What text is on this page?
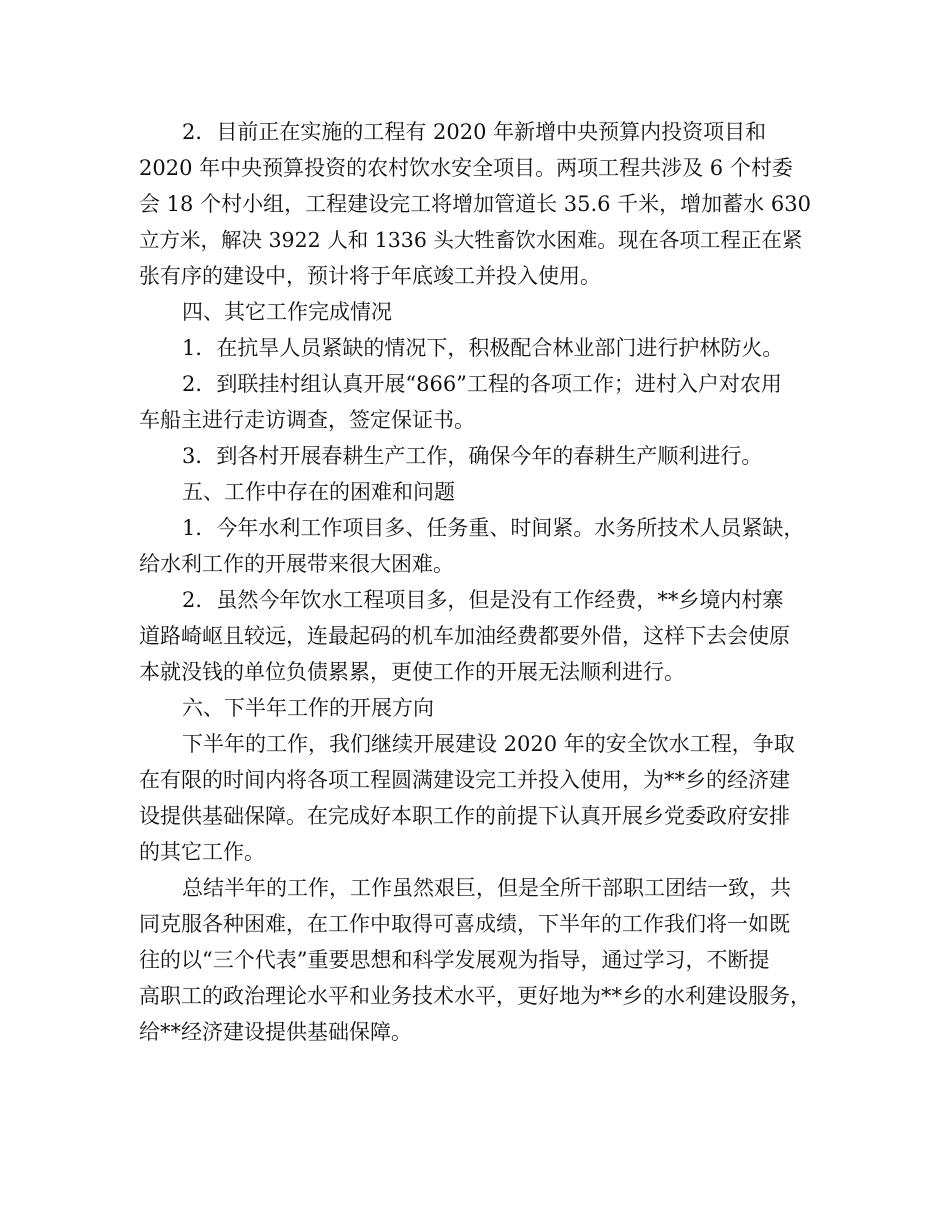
2．目前正在实施的工程有 2020 年新增中央预算内投资项目和
2020 年中央预算投资的农村饮水安全项目。两项工程共涉及 6 个村委
会 18 个村小组，工程建设完工将增加管道长 35.6 千米，增加蓄水 630
立方米，解决 3922 人和 1336 头大牲畜饮水困难。现在各项工程正在紧
张有序的建设中，预计将于年底竣工并投入使用。
四、其它工作完成情况
1．在抗旱人员紧缺的情况下，积极配合林业部门进行护林防火。
2．到联挂村组认真开展“866”工程的各项工作；进村入户对农用
车船主进行走访调查，签定保证书。
3．到各村开展春耕生产工作，确保今年的春耕生产顺利进行。
五、工作中存在的困难和问题
1．今年水利工作项目多、任务重、时间紧。水务所技术人员紧缺，
给水利工作的开展带来很大困难。
2．虽然今年饮水工程项目多，但是没有工作经费，**乡境内村寨
道路崎岖且较远，连最起码的机车加油经费都要外借，这样下去会使原
本就没钱的单位负债累累，更使工作的开展无法顺利进行。
六、下半年工作的开展方向
下半年的工作，我们继续开展建设 2020 年的安全饮水工程，争取
在有限的时间内将各项工程圆满建设完工并投入使用，为**乡的经济建
设提供基础保障。在完成好本职工作的前提下认真开展乡党委政府安排
的其它工作。
总结半年的工作，工作虽然艰巨，但是全所干部职工团结一致，共
同克服各种困难，在工作中取得可喜成绩，下半年的工作我们将一如既
往的以“三个代表”重要思想和科学发展观为指导，通过学习，不断提
高职工的政治理论水平和业务技术水平，更好地为**乡的水利建设服务，
给**经济建设提供基础保障。
